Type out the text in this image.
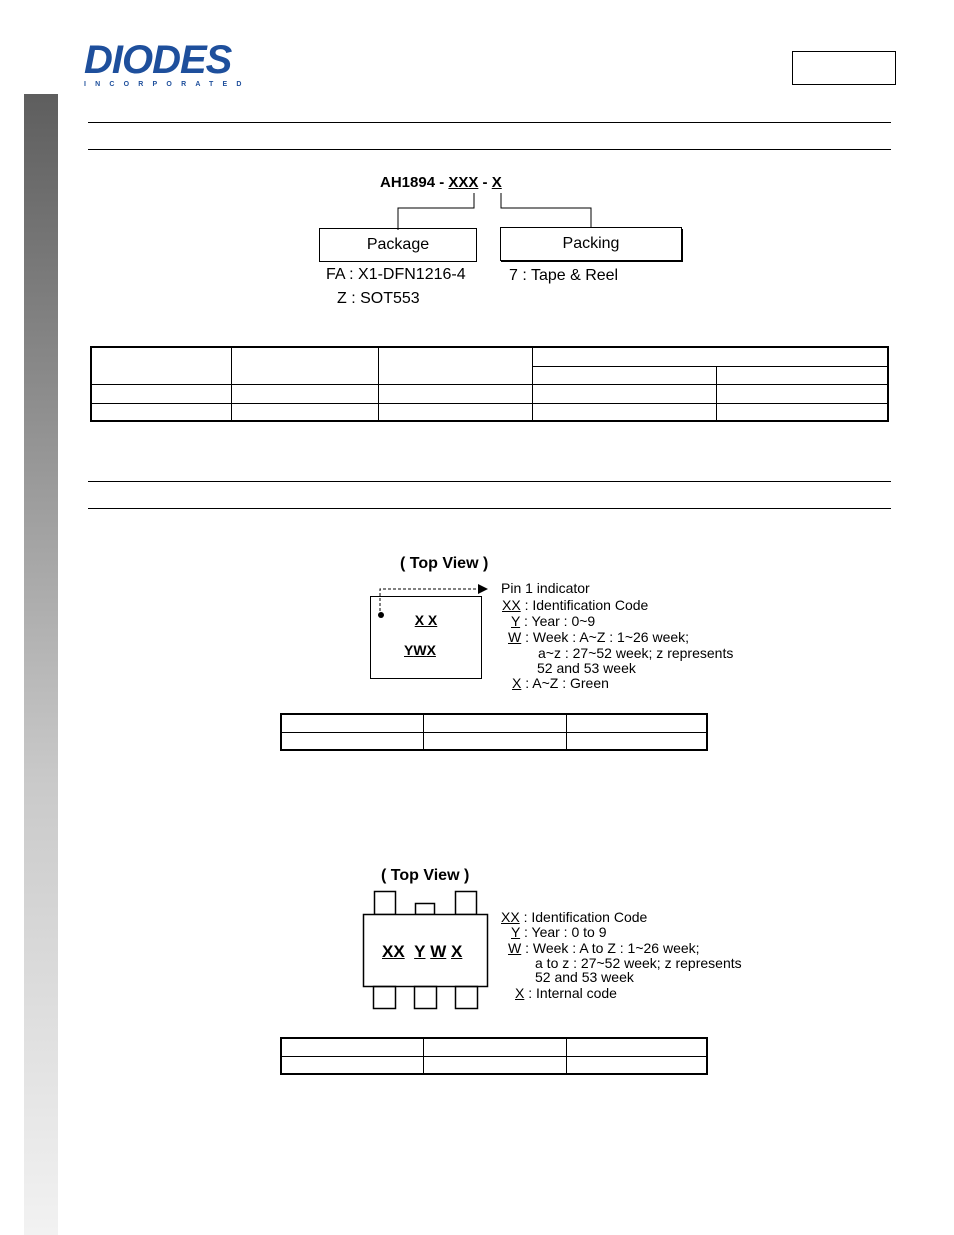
DIODES
INCORPORATED
AH1894 - XXX - X
Package	Packing
FA : X1-DFN1216-4
Z : SOT553
7 : Tape & Reel

( Top View )
X X
YWX
Pin 1 indicator
XX : Identification Code
Y : Year : 0~9
W : Week : A~Z : 1~26 week;
a~z : 27~52 week; z represents
52 and 53 week
X : A~Z : Green

( Top View )
XX Y W X
XX : Identification Code
Y : Year : 0 to 9
W : Week : A to Z : 1~26 week;
a to z : 27~52 week; z represents
52 and 53 week
X : Internal code
